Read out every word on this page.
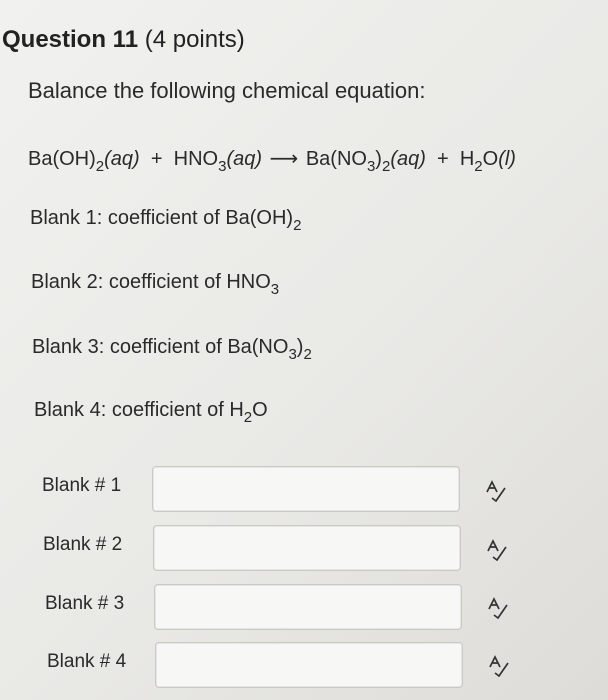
Question 11 (4 points)
Balance the following chemical equation:
$Ba(OH)_2(aq) + HNO_3(aq)$ ⟶ $Ba(NO_3)_2(aq) + H_2O(l)$
Blank 1: coefficient of $Ba(OH)_2$
Blank 2: coefficient of $HNO_3$
Blank 3: coefficient of $Ba(NO_3)_2$
Blank 4: coefficient of $H_2O$
Blank # 1
Blank # 2
Blank # 3
Blank # 4
